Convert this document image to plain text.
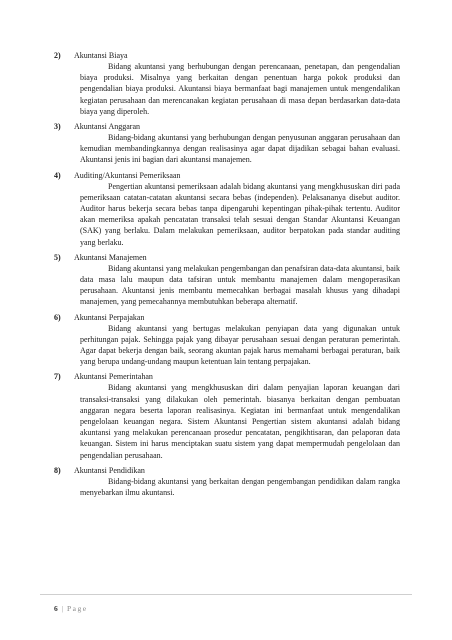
2) Akuntansi Biaya
Bidang akuntansi yang berhubungan dengan perencanaan, penetapan, dan pengendalian biaya produksi. Misalnya yang berkaitan dengan penentuan harga pokok produksi dan pengendalian biaya produksi. Akuntansi biaya bermanfaat bagi manajemen untuk mengendalikan kegiatan perusahaan dan merencanakan kegiatan perusahaan di masa depan berdasarkan data-data biaya yang diperoleh.
3) Akuntansi Anggaran
Bidang-bidang akuntansi yang berhubungan dengan penyusunan anggaran perusahaan dan kemudian membandingkannya dengan realisasinya agar dapat dijadikan sebagai bahan evaluasi. Akuntansi jenis ini bagian dari akuntansi manajemen.
4) Auditing/Akuntansi Pemeriksaan
Pengertian akuntansi pemeriksaan adalah bidang akuntansi yang mengkhususkan diri pada pemeriksaan catatan-catatan akuntansi secara bebas (independen). Pelaksananya disebut auditor. Auditor harus bekerja secara bebas tanpa dipengaruhi kepentingan pihak-pihak tertentu. Auditor akan memeriksa apakah pencatatan transaksi telah sesuai dengan Standar Akuntansi Keuangan (SAK) yang berlaku. Dalam melakukan pemeriksaan, auditor berpatokan pada standar auditing yang berlaku.
5) Akuntansi Manajemen
Bidang akuntansi yang melakukan pengembangan dan penafsiran data-data akuntansi, baik data masa lalu maupun data tafsiran untuk membantu manajemen dalam mengoperasikan perusahaan. Akuntansi jenis membantu memecahkan berbagai masalah khusus yang dihadapi manajemen, yang pemecahannya membutuhkan beberapa alternatif.
6) Akuntansi Perpajakan
Bidang akuntansi yang bertugas melakukan penyiapan data yang digunakan untuk perhitungan pajak. Sehingga pajak yang dibayar perusahaan sesuai dengan peraturan pemerintah. Agar dapat bekerja dengan baik, seorang akuntan pajak harus memahami berbagai peraturan, baik yang berupa undang-undang maupun ketentuan lain tentang perpajakan.
7) Akuntansi Pemerintahan
Bidang akuntansi yang mengkhususkan diri dalam penyajian laporan keuangan dari transaksi-transaksi yang dilakukan oleh pemerintah. biasanya berkaitan dengan pembuatan anggaran negara beserta laporan realisasinya. Kegiatan ini bermanfaat untuk mengendalikan pengelolaan keuangan negara. Sistem Akuntansi Pengertian sistem akuntansi adalah bidang akuntansi yang melakukan perencanaan prosedur pencatatan, pengikhtisaran, dan pelaporan data keuangan. Sistem ini harus menciptakan suatu sistem yang dapat mempermudah pengelolaan dan pengendalian perusahaan.
8) Akuntansi Pendidikan
Bidang-bidang akuntansi yang berkaitan dengan pengembangan pendidikan dalam rangka menyebarkan ilmu akuntansi.
6 | Page
